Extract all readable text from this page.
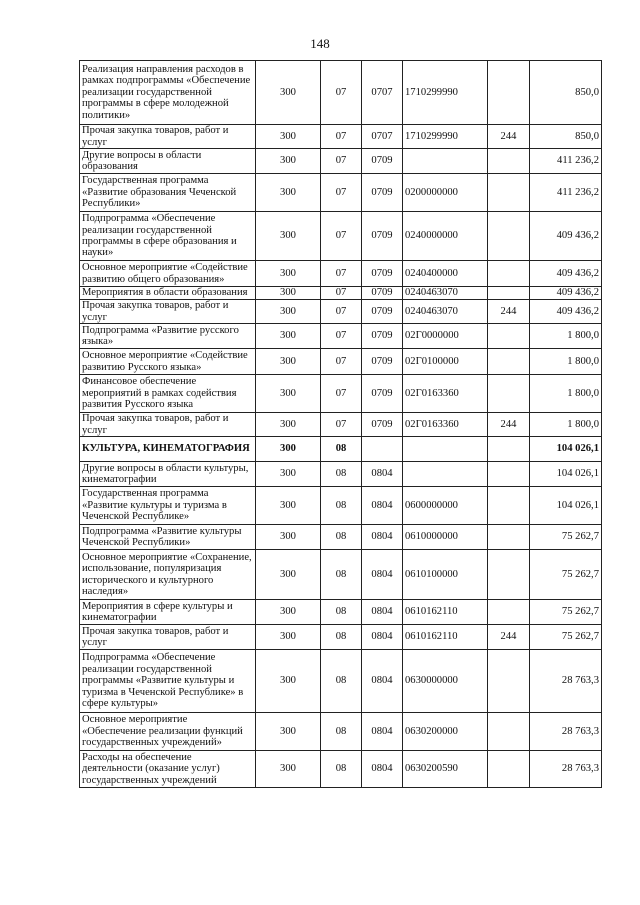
148
Реализация направления расходов в рамках подпрограммы «Обеспечение реализации государственной программы в сфере молодежной политики»	300	07	0707	1710299990		850,0
Прочая закупка товаров, работ и услуг	300	07	0707	1710299990	244	850,0
Другие вопросы в области образования	300	07	0709			411 236,2
Государственная программа «Развитие образования Чеченской Республики»	300	07	0709	0200000000		411 236,2
Подпрограмма «Обеспечение реализации государственной программы в сфере образования и науки»	300	07	0709	0240000000		409 436,2
Основное мероприятие «Содействие развитию общего образования»	300	07	0709	0240400000		409 436,2
Мероприятия в области образования	300	07	0709	0240463070		409 436,2
Прочая закупка товаров, работ и услуг	300	07	0709	0240463070	244	409 436,2
Подпрограмма «Развитие русского языка»	300	07	0709	02Г0000000		1 800,0
Основное мероприятие «Содействие развитию Русского языка»	300	07	0709	02Г0100000		1 800,0
Финансовое обеспечение мероприятий в рамках содействия развития Русского языка	300	07	0709	02Г0163360		1 800,0
Прочая закупка товаров, работ и услуг	300	07	0709	02Г0163360	244	1 800,0
КУЛЬТУРА, КИНЕМАТОГРАФИЯ	300	08				104 026,1
Другие вопросы в области культуры, кинематографии	300	08	0804			104 026,1
Государственная программа «Развитие культуры и туризма в Чеченской Республике»	300	08	0804	0600000000		104 026,1
Подпрограмма «Развитие культуры Чеченской Республики»	300	08	0804	0610000000		75 262,7
Основное мероприятие «Сохранение, использование, популяризация исторического и культурного наследия»	300	08	0804	0610100000		75 262,7
Мероприятия в сфере культуры и кинематографии	300	08	0804	0610162110		75 262,7
Прочая закупка товаров, работ и услуг	300	08	0804	0610162110	244	75 262,7
Подпрограмма «Обеспечение реализации государственной программы «Развитие культуры и туризма в Чеченской Республике» в сфере культуры»	300	08	0804	0630000000		28 763,3
Основное мероприятие «Обеспечение реализации функций государственных учреждений»	300	08	0804	0630200000		28 763,3
Расходы на обеспечение деятельности (оказание услуг) государственных учреждений	300	08	0804	0630200590		28 763,3
